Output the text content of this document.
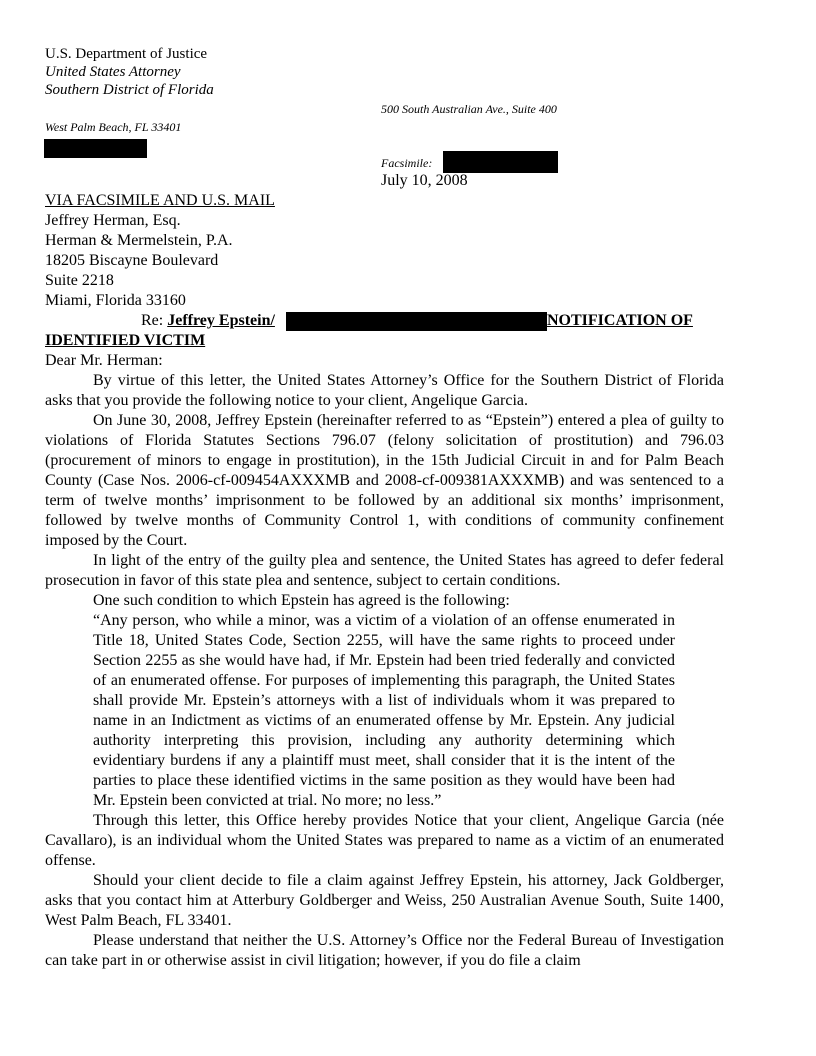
U.S. Department of Justice
United States Attorney
Southern District of Florida
500 South Australian Ave., Suite 400
West Palm Beach, FL 33401
Facsimile:
July 10, 2008
VIA FACSIMILE AND U.S. MAIL
Jeffrey Herman, Esq.
Herman & Mermelstein, P.A.
18205 Biscayne Boulevard
Suite 2218
Miami, Florida 33160
Re: Jeffrey Epstein/	NOTIFICATION OF
IDENTIFIED VICTIM
Dear Mr. Herman:

By virtue of this letter, the United States Attorney’s Office for the Southern District of Florida asks that you provide the following notice to your client, Angelique Garcia.

On June 30, 2008, Jeffrey Epstein (hereinafter referred to as “Epstein”) entered a plea of guilty to violations of Florida Statutes Sections 796.07 (felony solicitation of prostitution) and 796.03 (procurement of minors to engage in prostitution), in the 15th Judicial Circuit in and for Palm Beach County (Case Nos. 2006-cf-009454AXXXMB and 2008-cf-009381AXXXMB) and was sentenced to a term of twelve months’ imprisonment to be followed by an additional six months’ imprisonment, followed by twelve months of Community Control 1, with conditions of community confinement imposed by the Court.

In light of the entry of the guilty plea and sentence, the United States has agreed to defer federal prosecution in favor of this state plea and sentence, subject to certain conditions.

One such condition to which Epstein has agreed is the following:

“Any person, who while a minor, was a victim of a violation of an offense enumerated in Title 18, United States Code, Section 2255, will have the same rights to proceed under Section 2255 as she would have had, if Mr. Epstein had been tried federally and convicted of an enumerated offense. For purposes of implementing this paragraph, the United States shall provide Mr. Epstein’s attorneys with a list of individuals whom it was prepared to name in an Indictment as victims of an enumerated offense by Mr. Epstein. Any judicial authority interpreting this provision, including any authority determining which evidentiary burdens if any a plaintiff must meet, shall consider that it is the intent of the parties to place these identified victims in the same position as they would have been had Mr. Epstein been convicted at trial. No more; no less.”

Through this letter, this Office hereby provides Notice that your client, Angelique Garcia (née Cavallaro), is an individual whom the United States was prepared to name as a victim of an enumerated offense.

Should your client decide to file a claim against Jeffrey Epstein, his attorney, Jack Goldberger, asks that you contact him at Atterbury Goldberger and Weiss, 250 Australian Avenue South, Suite 1400, West Palm Beach, FL 33401.

Please understand that neither the U.S. Attorney’s Office nor the Federal Bureau of Investigation can take part in or otherwise assist in civil litigation; however, if you do file a claim
